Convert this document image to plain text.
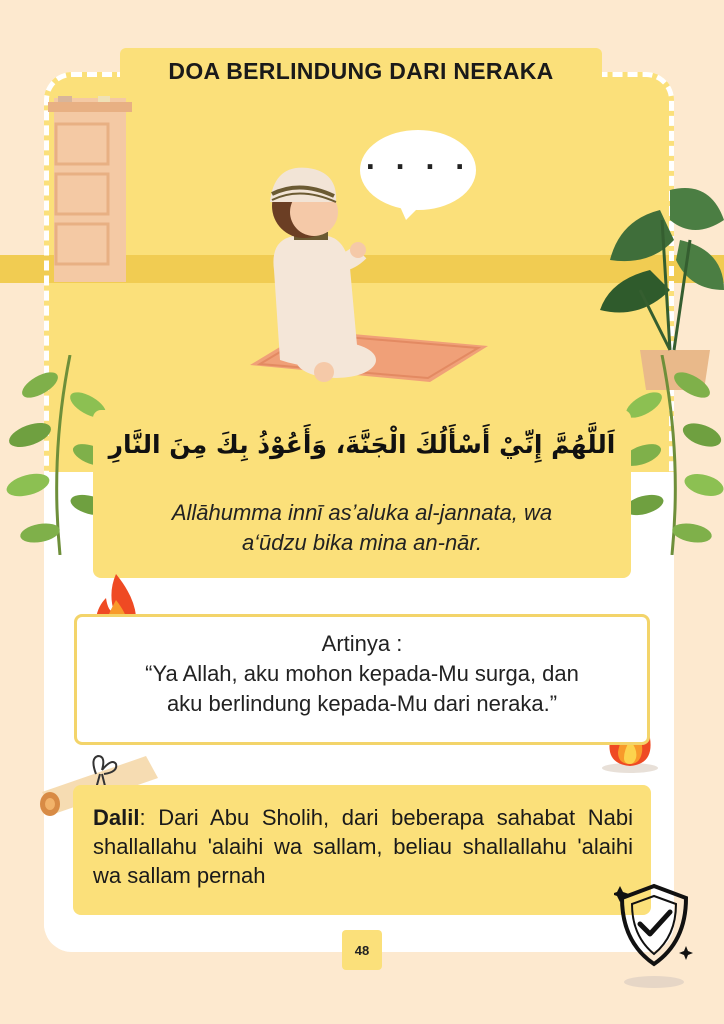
DOA BERLINDUNG DARI NERAKA
. . . .
اَللَّهُمَّ إِنِّيْ أَسْأَلُكَ الْجَنَّةَ، وَأَعُوْذُ بِكَ مِنَ النَّارِ
Allāhumma innī as’aluka al-jannata, wa
a‘ūdzu bika mina an-nār.
Artinya :
“Ya Allah, aku mohon kepada-Mu surga, dan
aku berlindung kepada-Mu dari neraka.”
Dalil: Dari Abu Sholih, dari beberapa sahabat Nabi shallallahu 'alaihi wa sallam, beliau shallallahu 'alaihi wa sallam pernah
48
